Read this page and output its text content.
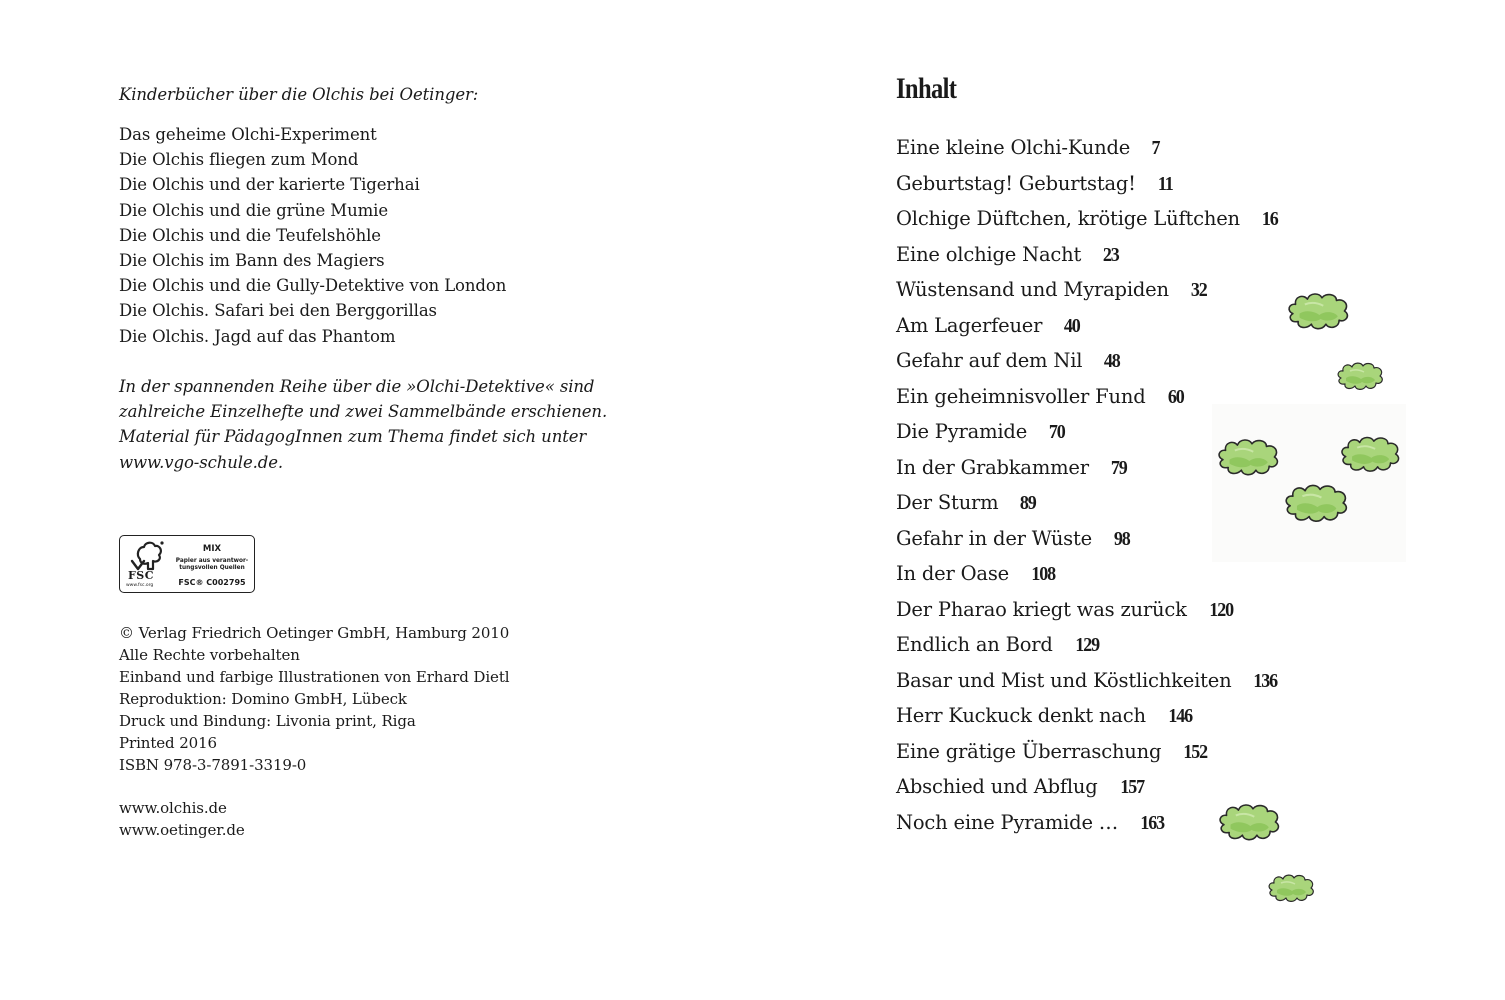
Kinderbücher über die Olchis bei Oetinger:
Das geheime Olchi-Experiment
Die Olchis fliegen zum Mond
Die Olchis und der karierte Tigerhai
Die Olchis und die grüne Mumie
Die Olchis und die Teufelshöhle
Die Olchis im Bann des Magiers
Die Olchis und die Gully-Detektive von London
Die Olchis. Safari bei den Berggorillas
Die Olchis. Jagd auf das Phantom
In der spannenden Reihe über die »Olchi-Detektive« sind
zahlreiche Einzelhefte und zwei Sammelbände erschienen.
Material für PädagogInnen zum Thema findet sich unter
www.vgo-schule.de.
FSC
www.fsc.org
MIX
Papier aus verantwor-
tungsvollen Quellen
FSC® C002795
© Verlag Friedrich Oetinger GmbH, Hamburg 2010
Alle Rechte vorbehalten
Einband und farbige Illustrationen von Erhard Dietl
Reproduktion: Domino GmbH, Lübeck
Druck und Bindung: Livonia print, Riga
Printed 2016
ISBN 978-3-7891-3319-0
www.olchis.de
www.oetinger.de
Inhalt
Eine kleine Olchi-Kunde 7
Geburtstag! Geburtstag! 11
Olchige Düftchen, krötige Lüftchen 16
Eine olchige Nacht 23
Wüstensand und Myrapiden 32
Am Lagerfeuer 40
Gefahr auf dem Nil 48
Ein geheimnisvoller Fund 60
Die Pyramide 70
In der Grabkammer 79
Der Sturm 89
Gefahr in der Wüste 98
In der Oase 108
Der Pharao kriegt was zurück 120
Endlich an Bord 129
Basar und Mist und Köstlichkeiten 136
Herr Kuckuck denkt nach 146
Eine grätige Überraschung 152
Abschied und Abflug 157
Noch eine Pyramide … 163
